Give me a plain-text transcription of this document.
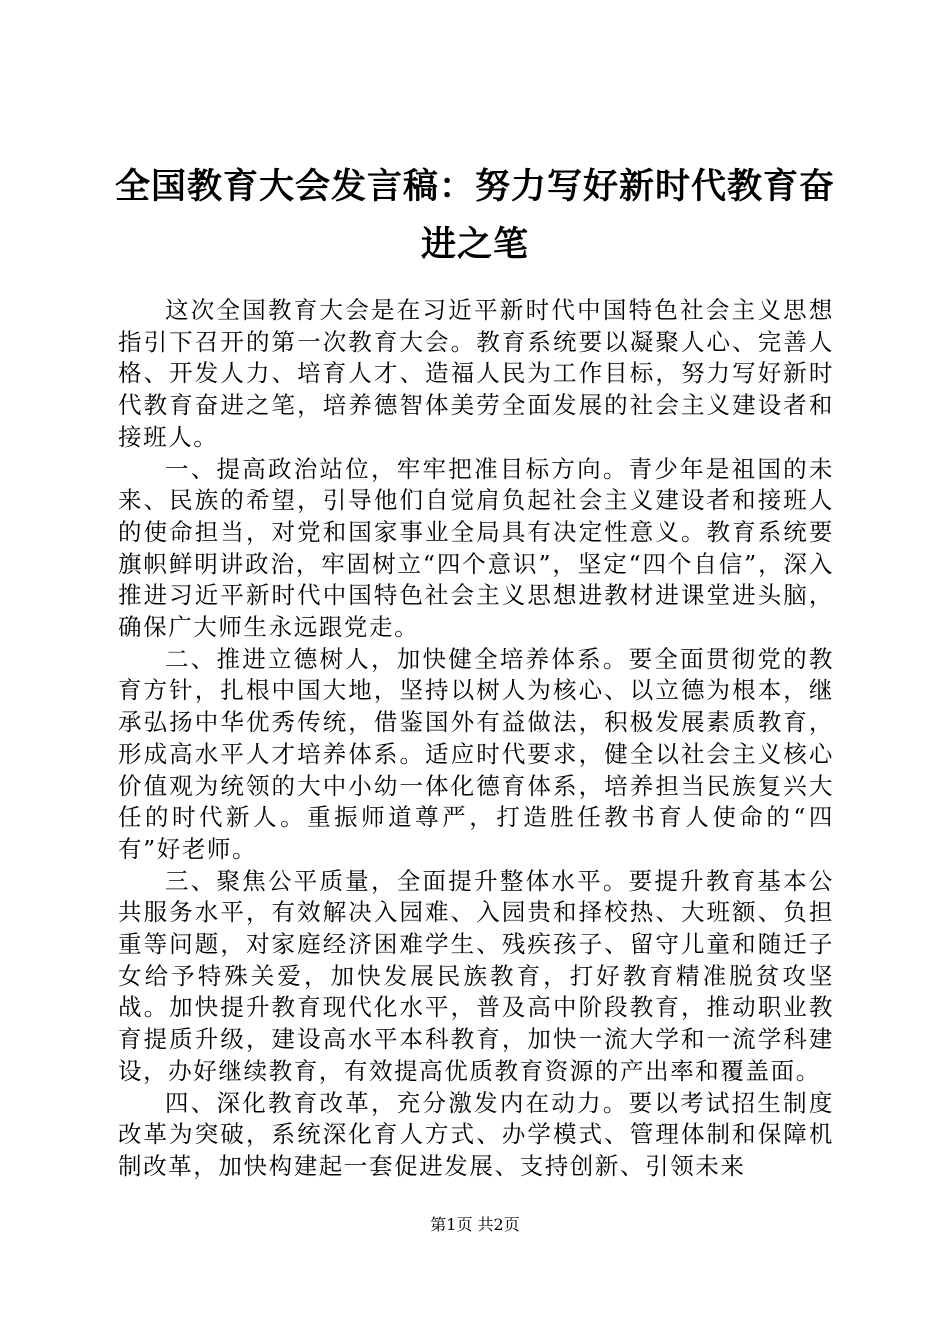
全国教育大会发言稿：努力写好新时代教育奋进之笔

这次全国教育大会是在习近平新时代中国特色社会主义思想指引下召开的第一次教育大会。教育系统要以凝聚人心、完善人格、开发人力、培育人才、造福人民为工作目标，努力写好新时代教育奋进之笔，培养德智体美劳全面发展的社会主义建设者和接班人。

一、提高政治站位，牢牢把准目标方向。青少年是祖国的未来、民族的希望，引导他们自觉肩负起社会主义建设者和接班人的使命担当，对党和国家事业全局具有决定性意义。教育系统要旗帜鲜明讲政治，牢固树立“四个意识”，坚定“四个自信”，深入推进习近平新时代中国特色社会主义思想进教材进课堂进头脑，确保广大师生永远跟党走。

二、推进立德树人，加快健全培养体系。要全面贯彻党的教育方针，扎根中国大地，坚持以树人为核心、以立德为根本，继承弘扬中华优秀传统，借鉴国外有益做法，积极发展素质教育，形成高水平人才培养体系。适应时代要求，健全以社会主义核心价值观为统领的大中小幼一体化德育体系，培养担当民族复兴大任的时代新人。重振师道尊严，打造胜任教书育人使命的“四有”好老师。

三、聚焦公平质量，全面提升整体水平。要提升教育基本公共服务水平，有效解决入园难、入园贵和择校热、大班额、负担重等问题，对家庭经济困难学生、残疾孩子、留守儿童和随迁子女给予特殊关爱，加快发展民族教育，打好教育精准脱贫攻坚战。加快提升教育现代化水平，普及高中阶段教育，推动职业教育提质升级，建设高水平本科教育，加快一流大学和一流学科建设，办好继续教育，有效提高优质教育资源的产出率和覆盖面。

四、深化教育改革，充分激发内在动力。要以考试招生制度改革为突破，系统深化育人方式、办学模式、管理体制和保障机制改革，加快构建起一套促进发展、支持创新、引领未来

第1页 共2页
